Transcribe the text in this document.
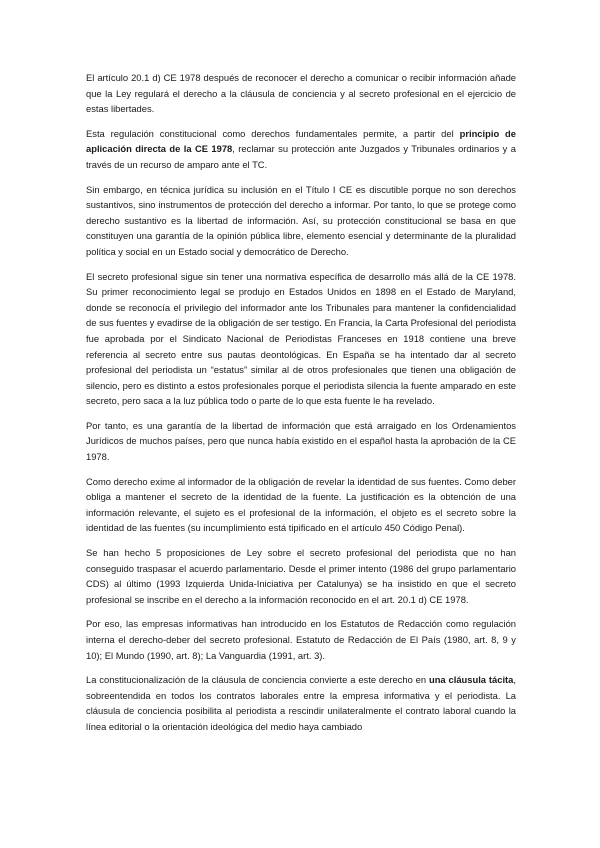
El artículo 20.1 d) CE 1978 después de reconocer el derecho a comunicar o recibir información añade que la Ley regulará el derecho a la cláusula de conciencia y al secreto profesional en el ejercicio de estas libertades.

Esta regulación constitucional como derechos fundamentales permite, a partir del principio de aplicación directa de la CE 1978, reclamar su protección ante Juzgados y Tribunales ordinarios y a través de un recurso de amparo ante el TC.

Sin embargo, en técnica jurídica su inclusión en el Título I CE es discutible porque no son derechos sustantivos, sino instrumentos de protección del derecho a informar. Por tanto, lo que se protege como derecho sustantivo es la libertad de información. Así, su protección constitucional se basa en que constituyen una garantía de la opinión pública libre, elemento esencial y determinante de la pluralidad política y social en un Estado social y democrático de Derecho.

El secreto profesional sigue sin tener una normativa específica de desarrollo más allá de la CE 1978. Su primer reconocimiento legal se produjo en Estados Unidos en 1898 en el Estado de Maryland, donde se reconocía el privilegio del informador ante los Tribunales para mantener la confidencialidad de sus fuentes y evadirse de la obligación de ser testigo. En Francia, la Carta Profesional del periodista fue aprobada por el Sindicato Nacional de Periodistas Franceses en 1918 contiene una breve referencia al secreto entre sus pautas deontológicas. En España se ha intentado dar al secreto profesional del periodista un “estatus” similar al de otros profesionales que tienen una obligación de silencio, pero es distinto a estos profesionales porque el periodista silencia la fuente amparado en este secreto, pero saca a la luz pública todo o parte de lo que esta fuente le ha revelado.

Por tanto, es una garantía de la libertad de información que está arraigado en los Ordenamientos Jurídicos de muchos países, pero que nunca había existido en el español hasta la aprobación de la CE 1978.

Como derecho exime al informador de la obligación de revelar la identidad de sus fuentes. Como deber obliga a mantener el secreto de la identidad de la fuente. La justificación es la obtención de una información relevante, el sujeto es el profesional de la información, el objeto es el secreto sobre la identidad de las fuentes (su incumplimiento está tipificado en el artículo 450 Código Penal).

Se han hecho 5 proposiciones de Ley sobre el secreto profesional del periodista que no han conseguido traspasar el acuerdo parlamentario. Desde el primer intento (1986 del grupo parlamentario CDS) al último (1993 Izquierda Unida-Iniciativa per Catalunya) se ha insistido en que el secreto profesional se inscribe en el derecho a la información reconocido en el art. 20.1 d) CE 1978.

Por eso, las empresas informativas han introducido en los Estatutos de Redacción como regulación interna el derecho-deber del secreto profesional. Estatuto de Redacción de El País (1980, art. 8, 9 y 10); El Mundo (1990, art. 8); La Vanguardia (1991, art. 3).

La constitucionalización de la cláusula de conciencia convierte a este derecho en una cláusula tácita, sobreentendida en todos los contratos laborales entre la empresa informativa y el periodista. La cláusula de conciencia posibilita al periodista a rescindir unilateralmente el contrato laboral cuando la línea editorial o la orientación ideológica del medio haya cambiado
